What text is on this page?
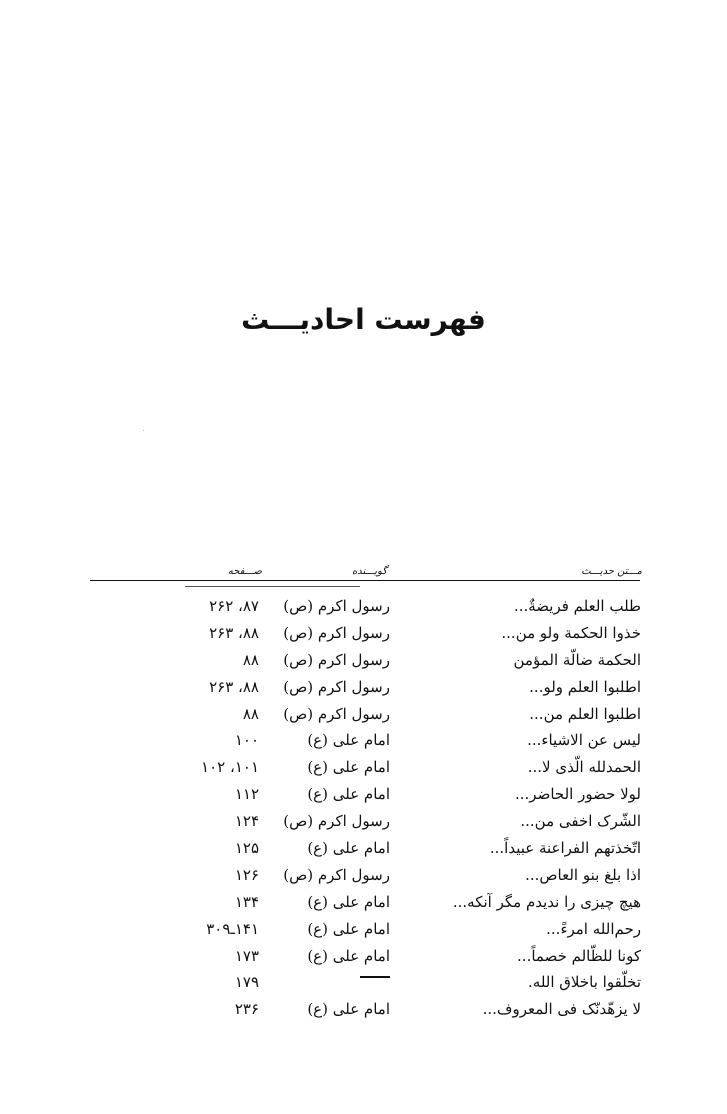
فهرست احادیـــث
مـــتن حدیـــث
گویـــنده
صـــفحه
طلب العلم فریضةٌ...
رسول اکرم (ص)
۸۷، ۲۶۲
خذوا الحکمة ولو من...
رسول اکرم (ص)
۸۸، ۲۶۳
الحکمة ضالّة المؤمن
رسول اکرم (ص)
۸۸
اطلبوا العلم ولو...
رسول اکرم (ص)
۸۸، ۲۶۳
اطلبوا العلم من...
رسول اکرم (ص)
۸۸
لیس عن الاشیاء...
امام علی (ع)
۱۰۰
الحمدلله الّذی لا...
امام علی (ع)
۱۰۱، ۱۰۲
لولا حضور الحاضر...
امام علی (ع)
۱۱۲
الشّرک اخفی من...
رسول اکرم (ص)
۱۲۴
اتّخذتهم الفراعنة عبیداً...
امام علی (ع)
۱۲۵
اذا بلغ بنو العاص...
رسول اکرم (ص)
۱۲۶
هیچ چیزی را ندیدم مگر آنکه...
امام علی (ع)
۱۳۴
رحم‌الله امرءً...
امام علی (ع)
۱۴۱ـ۳۰۹
کونا للظّالم خصماً...
امام علی (ع)
۱۷۳
تخلّقوا باخلاق الله.
۱۷۹
لا یزهّدنّک فی المعروف...
امام علی (ع)
۲۳۶
